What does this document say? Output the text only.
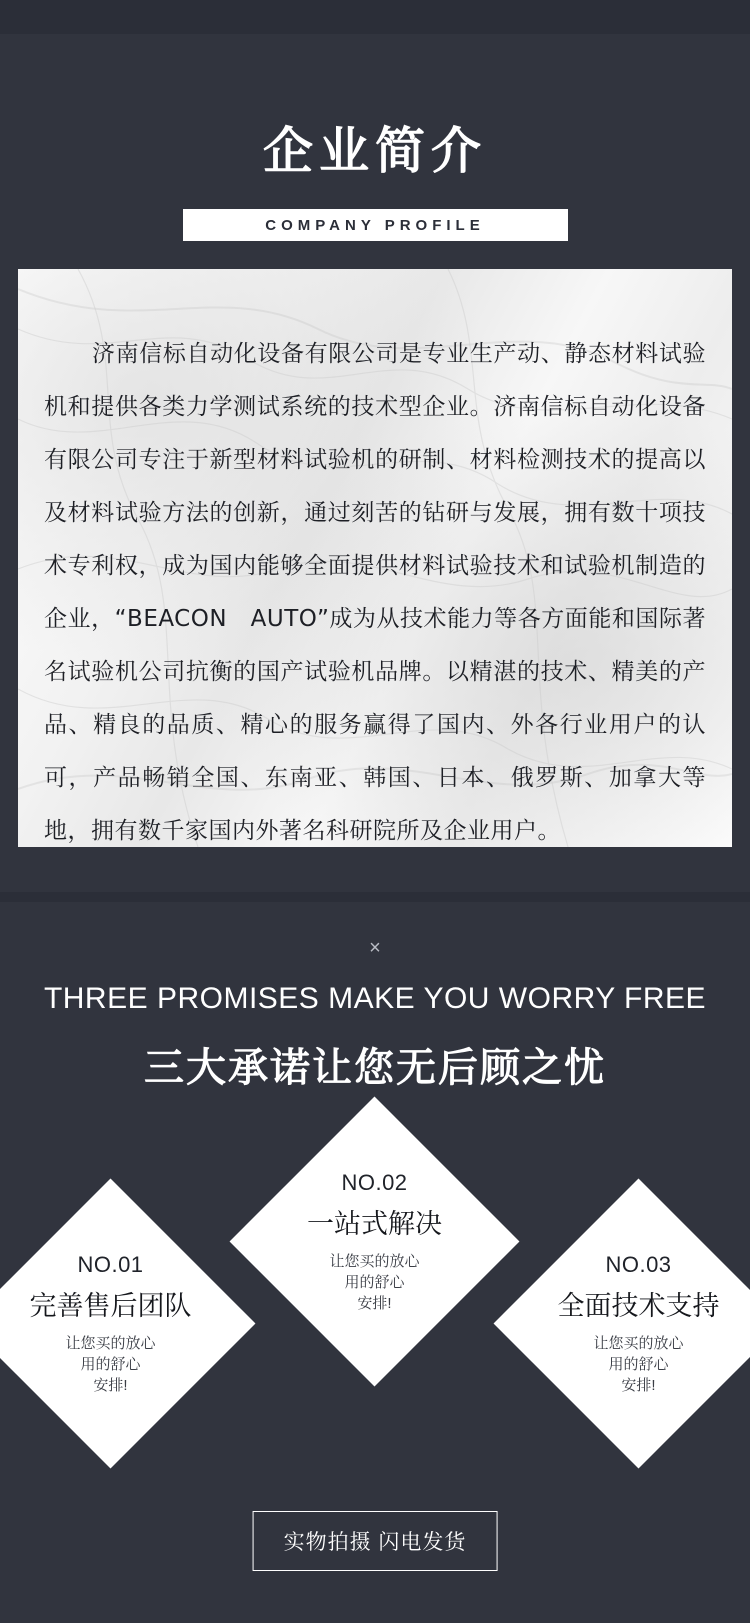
企业简介
COMPANY PROFILE

济南信标自动化设备有限公司是专业生产动、静态材料试验机和提供各类力学测试系统的技术型企业。济南信标自动化设备有限公司专注于新型材料试验机的研制、材料检测技术的提高以及材料试验方法的创新，通过刻苦的钻研与发展，拥有数十项技术专利权，成为国内能够全面提供材料试验技术和试验机制造的企业，“BEACON　AUTO”成为从技术能力等各方面能和国际著名试验机公司抗衡的国产试验机品牌。以精湛的技术、精美的产品、精良的品质、精心的服务赢得了国内、外各行业用户的认可，产品畅销全国、东南亚、韩国、日本、俄罗斯、加拿大等地，拥有数千家国内外著名科研院所及企业用户。

×
THREE PROMISES MAKE YOU WORRY FREE
三大承诺让您无后顾之忧
NO.01
完善售后团队
让您买的放心
用的舒心
安排!
NO.02
一站式解决
让您买的放心
用的舒心
安排!
NO.03
全面技术支持
让您买的放心
用的舒心
安排!
实物拍摄 闪电发货
